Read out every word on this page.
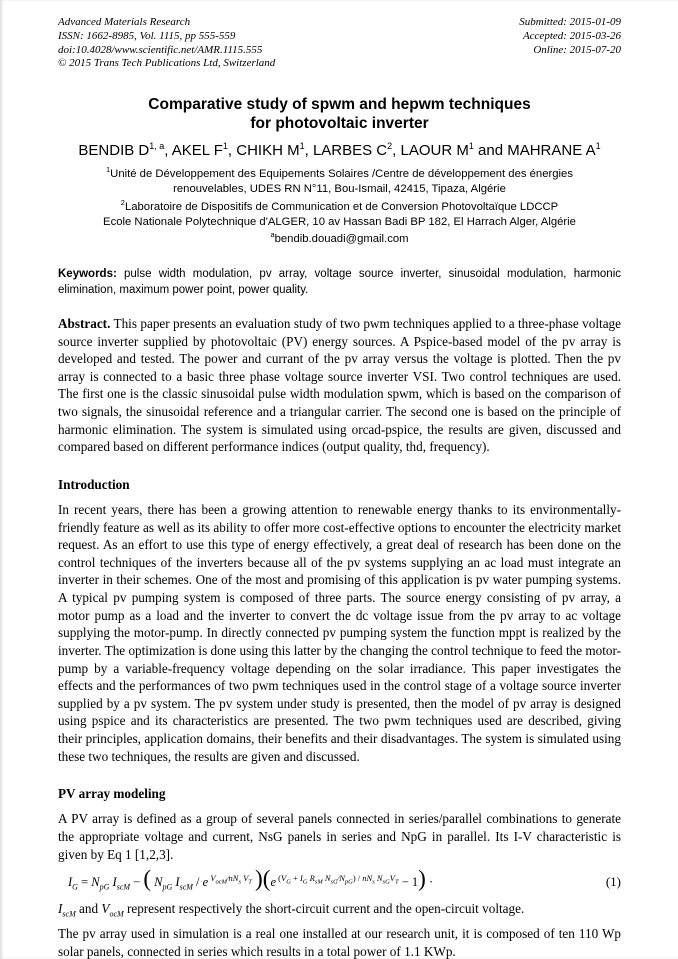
Advanced Materials Research
ISSN: 1662-8985, Vol. 1115, pp 555-559
doi:10.4028/www.scientific.net/AMR.1115.555
© 2015 Trans Tech Publications Ltd, Switzerland
Submitted: 2015-01-09
Accepted: 2015-03-26
Online: 2015-07-20
Comparative study of spwm and hepwm techniques
for photovoltaic inverter
BENDIB D$^{1, a}$, AKEL $F^1$, CHIKH $M^1$, LARBES $C^2$, LAOUR $M^1$ and MAHRANE $A^1$
$^1$Unité de Développement des Equipements Solaires /Centre de développement des énergies
renouvelables, UDES RN N°11, Bou-Ismail, 42415, Tipaza, Algérie
$^2$Laboratoire de Dispositifs de Communication et de Conversion Photovoltaïque LDCCP
Ecole Nationale Polytechnique d'ALGER, 10 av Hassan Badi BP 182, El Harrach Alger, Algérie
$^a$bendib.douadi@gmail.com
Keywords: pulse width modulation, pv array, voltage source inverter, sinusoidal modulation, harmonic elimination, maximum power point, power quality.
Abstract. This paper presents an evaluation study of two pwm techniques applied to a three-phase voltage source inverter supplied by photovoltaic (PV) energy sources. A Pspice-based model of the pv array is developed and tested. The power and currant of the pv array versus the voltage is plotted. Then the pv array is connected to a basic three phase voltage source inverter VSI. Two control techniques are used. The first one is the classic sinusoidal pulse width modulation spwm, which is based on the comparison of two signals, the sinusoidal reference and a triangular carrier. The second one is based on the principle of harmonic elimination. The system is simulated using orcad-pspice, the results are given, discussed and compared based on different performance indices (output quality, thd, frequency).
Introduction
In recent years, there has been a growing attention to renewable energy thanks to its environmentally-friendly feature as well as its ability to offer more cost-effective options to encounter the electricity market request. As an effort to use this type of energy effectively, a great deal of research has been done on the control techniques of the inverters because all of the pv systems supplying an ac load must integrate an inverter in their schemes. One of the most and promising of this application is pv water pumping systems. A typical pv pumping system is composed of three parts. The source energy consisting of pv array, a motor pump as a load and the inverter to convert the dc voltage issue from the pv array to ac voltage supplying the motor-pump. In directly connected pv pumping system the function mppt is realized by the inverter. The optimization is done using this latter by the changing the control technique to feed the motor-pump by a variable-frequency voltage depending on the solar irradiance. This paper investigates the effects and the performances of two pwm techniques used in the control stage of a voltage source inverter supplied by a pv system. The pv system under study is presented, then the model of pv array is designed using pspice and its characteristics are presented. The two pwm techniques used are described, giving their principles, application domains, their benefits and their disadvantages. The system is simulated using these two techniques, the results are given and discussed.
PV array modeling
A PV array is defined as a group of several panels connected in series/parallel combinations to generate the appropriate voltage and current, NsG panels in series and NpG in parallel. Its I-V characteristic is given by Eq 1 [1,2,3].
$I_G = N_{pG}$ $I_{scM}$ − ( $N_{pG}$ $I_{scM}$ / e $^{V_{ocM}⁄nN_s V_T}$ )(e $^{(V_G + I_G R_{sM} N_{sG}⁄N_{pG}) / nN_s N_{sG}V_T}$ − 1) ·	(1)
$I_{scM}$ and $V_{ocM}$ represent respectively the short-circuit current and the open-circuit voltage.
The pv array used in simulation is a real one installed at our research unit, it is composed of ten 110 Wp solar panels, connected in series which results in a total power of 1.1 KWp.
